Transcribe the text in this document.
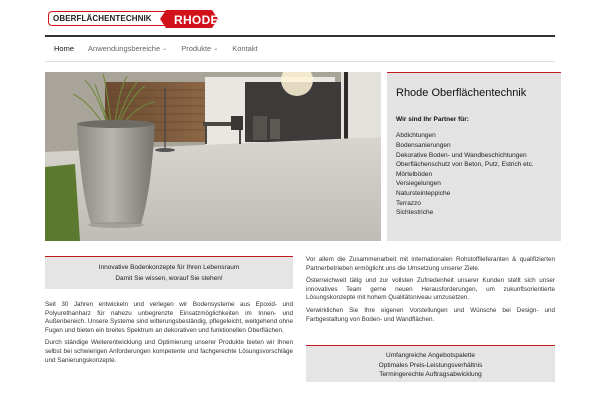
OBERFLÄCHENTECHNIK RHODE
Home Anwendungsbereiche ⌄ Produkte ⌄ Kontakt
Rhode Oberflächentechnik
Wir sind Ihr Partner für:
Abdichtungen
Bodensanierungen
Dekorative Boden- und Wandbeschichtungen
Oberflächenschutz von Beton, Putz, Estrich etc.
Mörtelböden
Versiegelungen
Natursteinteppiche
Terrazzo
Sichtestriche

Innovative Bodenkonzepte für Ihren Lebensraum

Damit Sie wissen, worauf Sie stehen!

Seit 30 Jahren entwickeln und verlegen wir Bodensysteme aus Epoxid- und Polyurethanharz für nahezu unbegrenzte Einsatzmöglichkeiten im Innen- und Außenbereich. Unsere Systeme sind witterungsbeständig, pflegeleicht, weitgehend ohne Fugen und bieten ein breites Spektrum an dekorativen und funktionellen Oberflächen.

Durch ständige Weiterentwicklung und Optimierung unserer Produkte bieten wir Ihnen selbst bei schwierigen Anforderungen kompetente und fachgerechte Lösungsvorschläge und Sanierungskonzepte.

Vor allem die Zusammenarbeit mit internationalen Rohstofflieferanten & qualifizierten Partnerbetrieben ermöglicht uns die Umsetzung unserer Ziele.

Österreichweit tätig und zur vollsten Zufriedenheit unserer Kunden stellt sich unser innovatives Team gerne neuen Herausforderungen, um zukunftsorientierte Lösungskonzepte mit hohem Qualitätsniveau umzusetzen.

Verwirklichen Sie Ihre eigenen Vorstellungen und Wünsche bei Design- und Farbgestaltung von Boden- und Wandflächen.

Umfangreiche Angebotspalette

Optimales Preis-Leistungsverhältnis

Termingerechte Auftragsabwicklung
